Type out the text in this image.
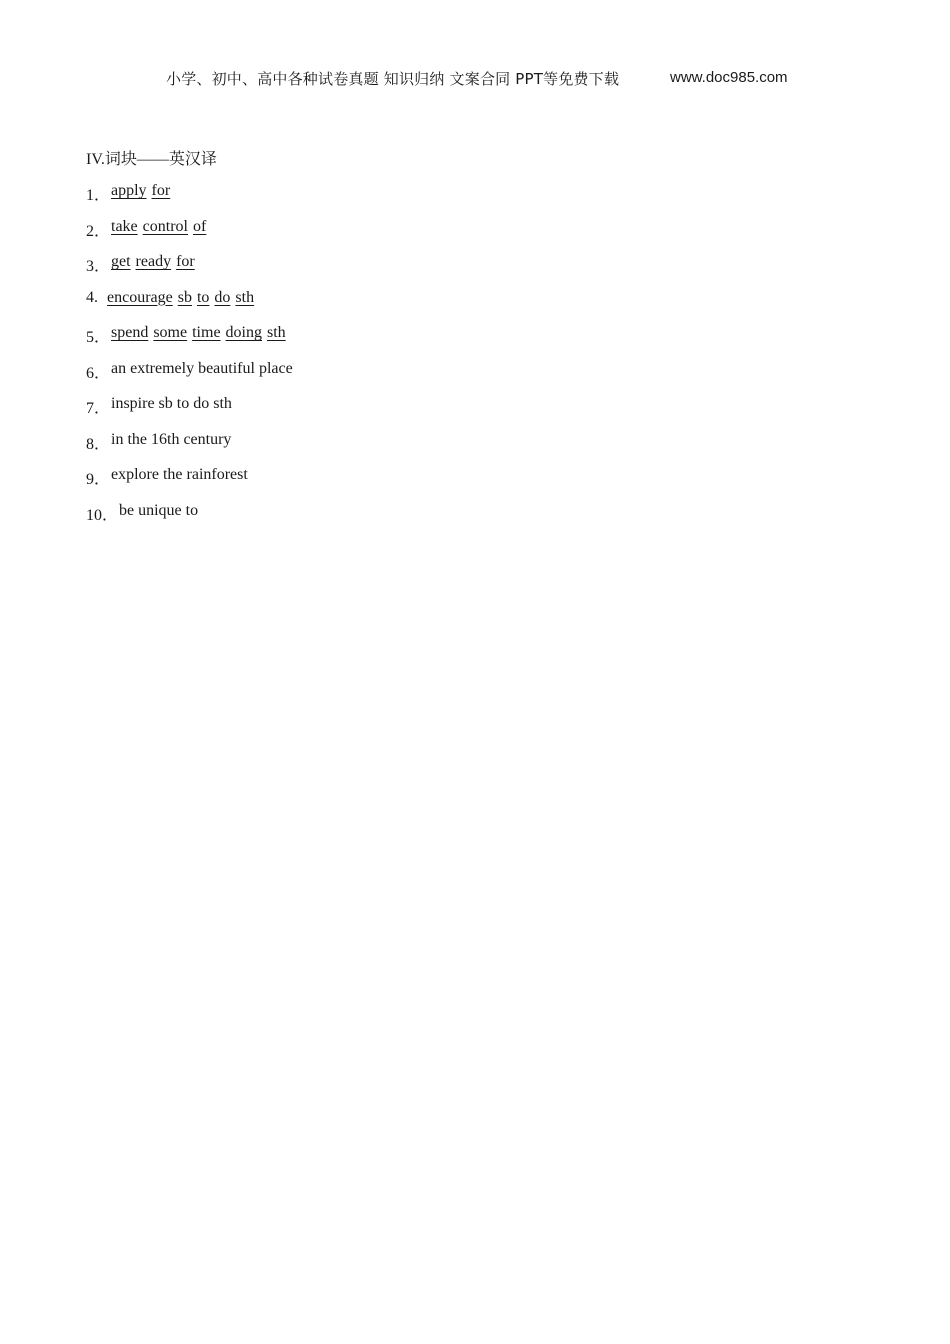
小学、初中、高中各种试卷真题 知识归纳 文案合同 PPT等免费下载	www.doc985.com
IV.词块——英汉译
1． apply for
2． take control of
3． get ready for
4. encourage sb to do sth
5． spend some time doing sth
6． an extremely beautiful place
7． inspire sb to do sth
8． in the 16th century
9． explore the rainforest
10． be unique to
